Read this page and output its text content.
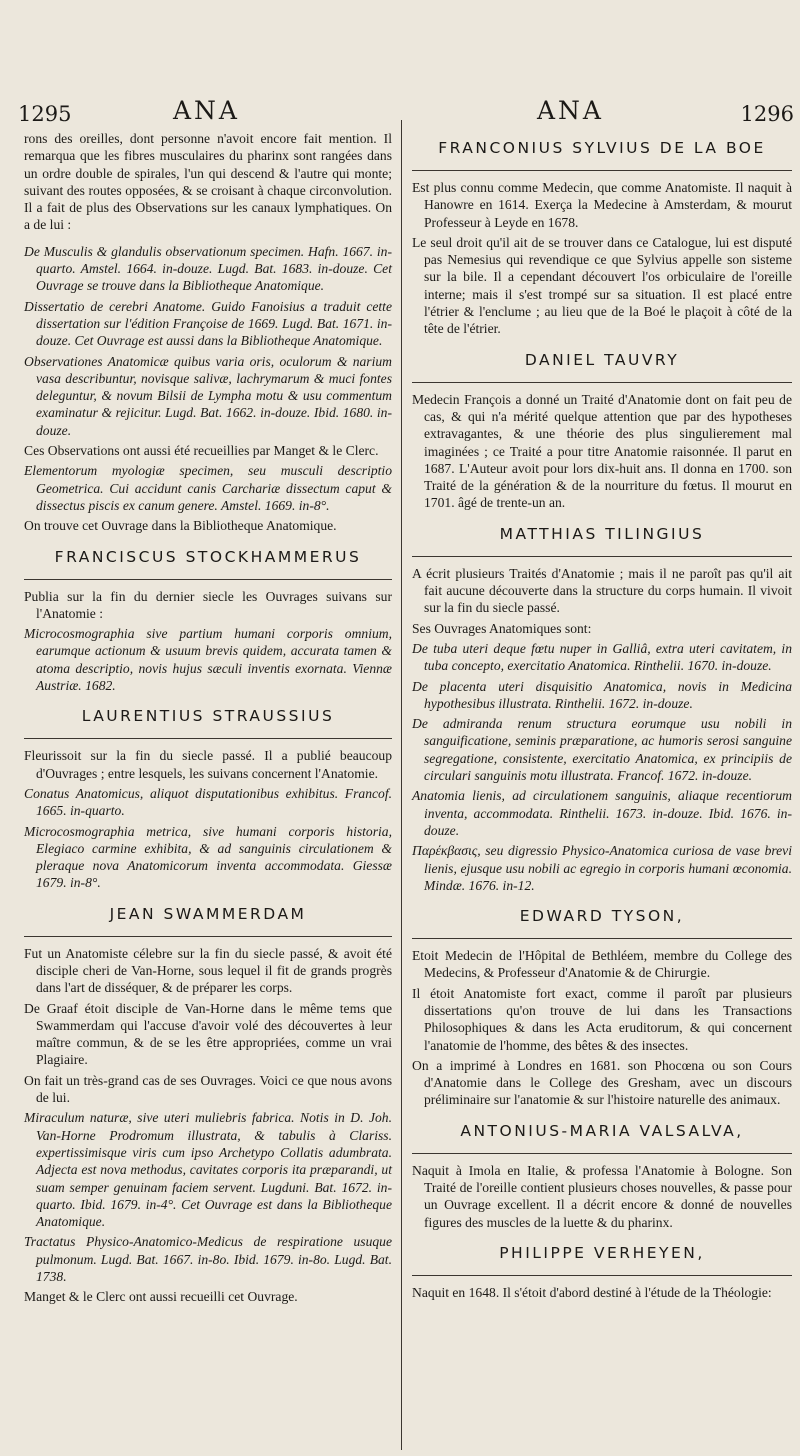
1295	ANA	ANA	1296

rons des oreilles, dont personne n'avoit encore fait mention. Il remarqua que les fibres musculaires du pharinx sont rangées dans un ordre double de spirales, l'un qui descend & l'autre qui monte; suivant des routes opposées, & se croisant à chaque circonvolution. Il a fait de plus des Observations sur les canaux lymphatiques. On a de lui :

De Musculis & glandulis observationum specimen. Hafn. 1667. in-quarto. Amstel. 1664. in-douze. Lugd. Bat. 1683. in-douze. Cet Ouvrage se trouve dans la Bibliotheque Anatomique.

Dissertatio de cerebri Anatome. Guido Fanoisius a traduit cette dissertation sur l'édition Françoise de 1669. Lugd. Bat. 1671. in-douze. Cet Ouvrage est aussi dans la Bibliotheque Anatomique.

Observationes Anatomicæ quibus varia oris, oculorum & narium vasa describuntur, novisque salivæ, lachrymarum & muci fontes deleguntur, & novum Bilsii de Lympha motu & usu commentum examinatur & rejicitur. Lugd. Bat. 1662. in-douze. Ibid. 1680. in-douze.

Ces Observations ont aussi été recueillies par Manget & le Clerc.

Elementorum myologiæ specimen, seu musculi descriptio Geometrica. Cui accidunt canis Carchariæ dissectum caput & dissectus piscis ex canum genere. Amstel. 1669. in-8°.

On trouve cet Ouvrage dans la Bibliotheque Anatomique.

FRANCISCUS STOCKHAMMERUS

Publia sur la fin du dernier siecle les Ouvrages suivans sur l'Anatomie :

Microcosmographia sive partium humani corporis omnium, earumque actionum & usuum brevis quidem, accurata tamen & atoma descriptio, novis hujus sæculi inventis exornata. Viennæ Austriæ. 1682.

LAURENTIUS STRAUSSIUS

Fleurissoit sur la fin du siecle passé. Il a publié beaucoup d'Ouvrages ; entre lesquels, les suivans concernent l'Anatomie.

Conatus Anatomicus, aliquot disputationibus exhibitus. Francof. 1665. in-quarto.

Microcosmographia metrica, sive humani corporis historia, Elegiaco carmine exhibita, & ad sanguinis circulationem & pleraque nova Anatomicorum inventa accommodata. Giessæ 1679. in-8°.

JEAN SWAMMERDAM

Fut un Anatomiste célebre sur la fin du siecle passé, & avoit été disciple cheri de Van-Horne, sous lequel il fit de grands progrès dans l'art de disséquer, & de préparer les corps.

De Graaf étoit disciple de Van-Horne dans le même tems que Swammerdam qui l'accuse d'avoir volé des découvertes à leur maître commun, & de se les être appropriées, comme un vrai Plagiaire.

On fait un très-grand cas de ses Ouvrages. Voici ce que nous avons de lui.

Miraculum naturæ, sive uteri muliebris fabrica. Notis in D. Joh. Van-Horne Prodromum illustrata, & tabulis à Clariss. expertissimisque viris cum ipso Archetypo Collatis adumbrata. Adjecta est nova methodus, cavitates corporis ita præparandi, ut suam semper genuinam faciem servent. Lugduni. Bat. 1672. in-quarto. Ibid. 1679. in-4°. Cet Ouvrage est dans la Bibliotheque Anatomique.

Tractatus Physico-Anatomico-Medicus de respiratione usuque pulmonum. Lugd. Bat. 1667. in-8o. Ibid. 1679. in-8o. Lugd. Bat. 1738.

Manget & le Clerc ont aussi recueilli cet Ouvrage.

FRANCONIUS SYLVIUS DE LA BOE

Est plus connu comme Medecin, que comme Anatomiste. Il naquit à Hanowre en 1614. Exerça la Medecine à Amsterdam, & mourut Professeur à Leyde en 1678.

Le seul droit qu'il ait de se trouver dans ce Catalogue, lui est disputé pas Nemesius qui revendique ce que Sylvius appelle son sisteme sur la bile. Il a cependant découvert l'os orbiculaire de l'oreille interne; mais il s'est trompé sur sa situation. Il est placé entre l'étrier & l'enclume ; au lieu que de la Boé le plaçoit à côté de la tête de l'étrier.

DANIEL TAUVRY

Medecin François a donné un Traité d'Anatomie dont on fait peu de cas, & qui n'a mérité quelque attention que par des hypotheses extravagantes, & une théorie des plus singulierement mal imaginées ; ce Traité a pour titre Anatomie raisonnée. Il parut en 1687. L'Auteur avoit pour lors dix-huit ans. Il donna en 1700. son Traité de la génération & de la nourriture du fœtus. Il mourut en 1701. âgé de trente-un an.

MATTHIAS TILINGIUS

A écrit plusieurs Traités d'Anatomie ; mais il ne paroît pas qu'il ait fait aucune découverte dans la structure du corps humain. Il vivoit sur la fin du siecle passé.

Ses Ouvrages Anatomiques sont:

De tuba uteri deque fœtu nuper in Galliâ, extra uteri cavitatem, in tuba concepto, exercitatio Anatomica. Rinthelii. 1670. in-douze.

De placenta uteri disquisitio Anatomica, novis in Medicina hypothesibus illustrata. Rinthelii. 1672. in-douze.

De admiranda renum structura eorumque usu nobili in sanguificatione, seminis præparatione, ac humoris serosi sanguine segregatione, consistente, exercitatio Anatomica, ex principiis de circulari sanguinis motu illustrata. Francof. 1672. in-douze.

Anatomia lienis, ad circulationem sanguinis, aliaque recentiorum inventa, accommodata. Rinthelii. 1673. in-douze. Ibid. 1676. in-douze.

Παρέκβασις, seu digressio Physico-Anatomica curiosa de vase brevi lienis, ejusque usu nobili ac egregio in corporis humani œconomia. Mindæ. 1676. in-12.

EDWARD TYSON,

Etoit Medecin de l'Hôpital de Bethléem, membre du College des Medecins, & Professeur d'Anatomie & de Chirurgie.

Il étoit Anatomiste fort exact, comme il paroît par plusieurs dissertations qu'on trouve de lui dans les Transactions Philosophiques & dans les Acta eruditorum, & qui concernent l'anatomie de l'homme, des bêtes & des insectes.

On a imprimé à Londres en 1681. son Phocœna ou son Cours d'Anatomie dans le College des Gresham, avec un discours préliminaire sur l'anatomie & sur l'histoire naturelle des animaux.

ANTONIUS-MARIA VALSALVA,

Naquit à Imola en Italie, & professa l'Anatomie à Bologne. Son Traité de l'oreille contient plusieurs choses nouvelles, & passe pour un Ouvrage excellent. Il a décrit encore & donné de nouvelles figures des muscles de la luette & du pharinx.

PHILIPPE VERHEYEN,

Naquit en 1648. Il s'étoit d'abord destiné à l'étude de la Théologie:
